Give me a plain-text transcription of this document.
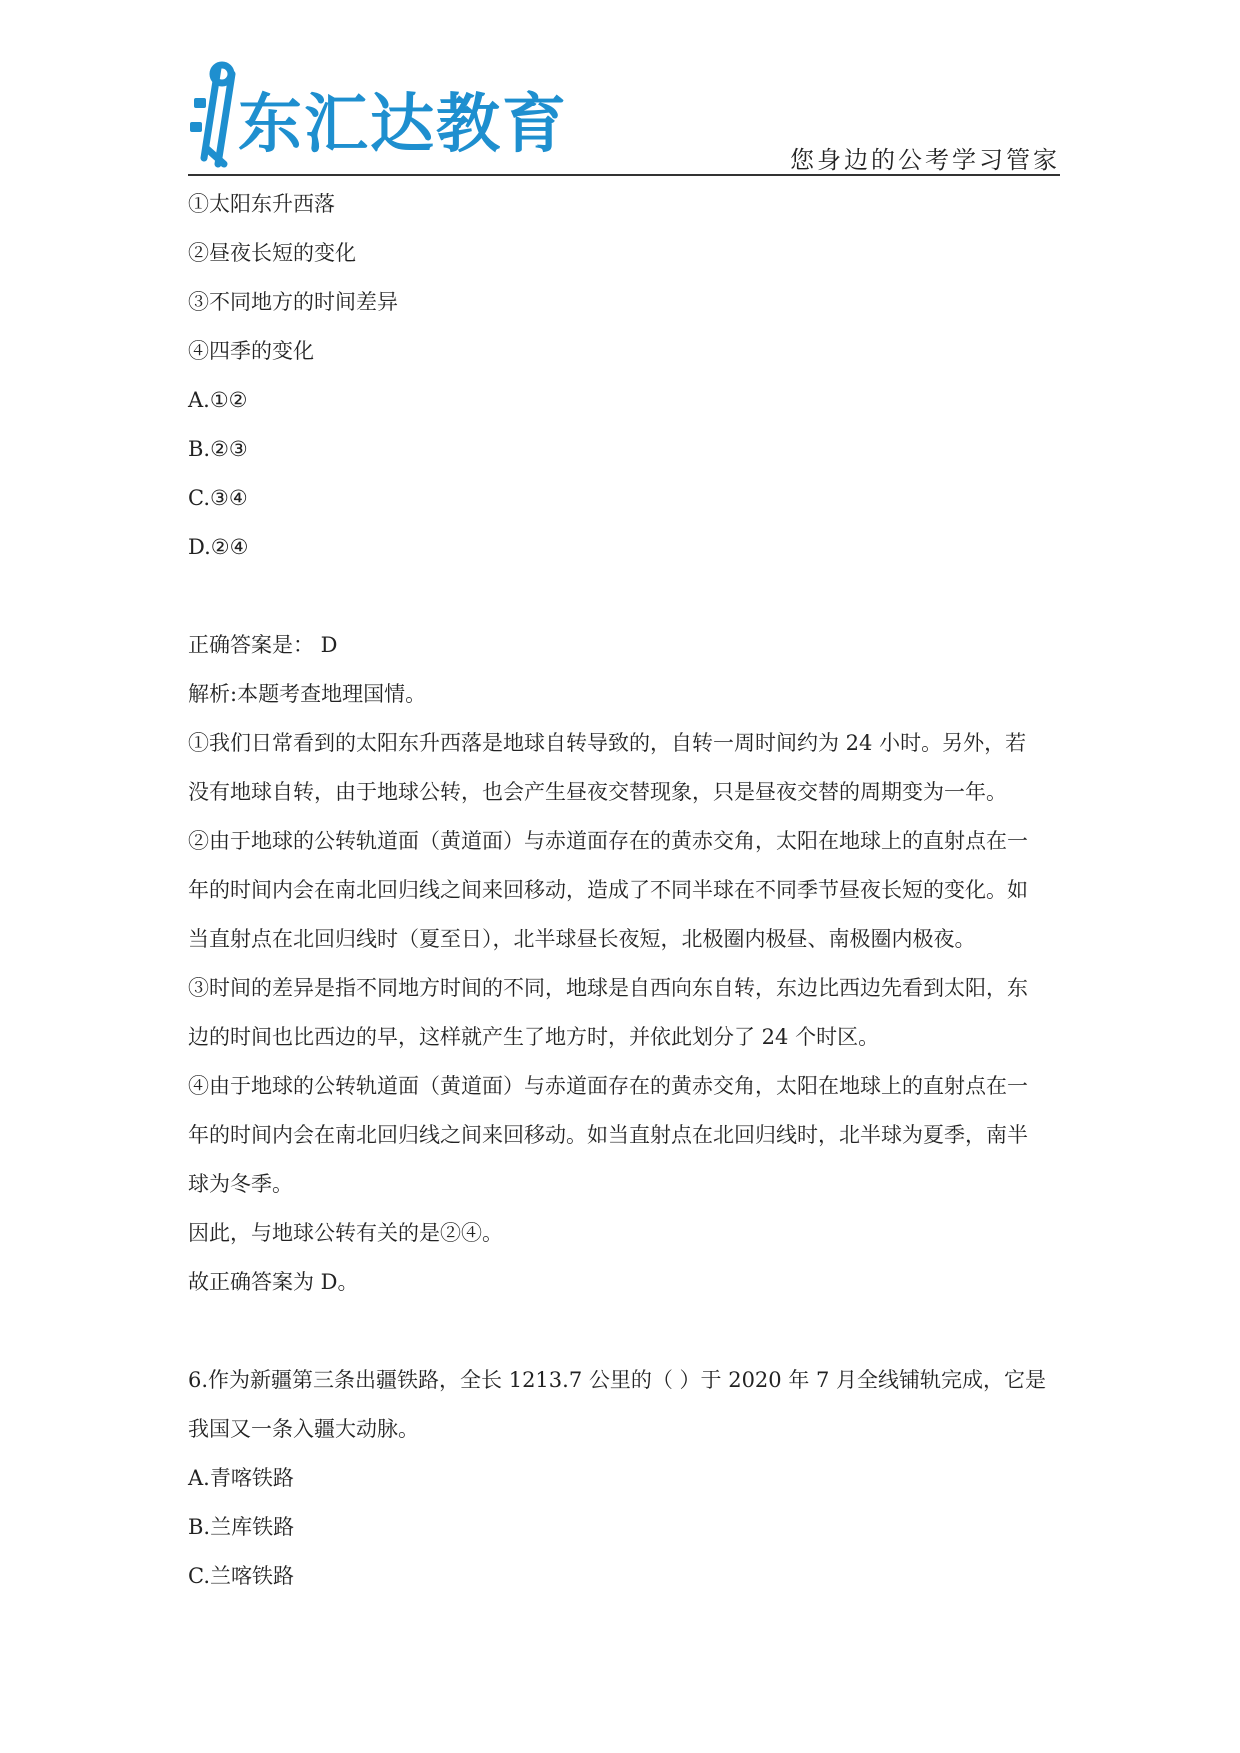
东汇达教育	您身边的公考学习管家
①太阳东升西落
②昼夜长短的变化
③不同地方的时间差异
④四季的变化
A.①②
B.②③
C.③④
D.②④
正确答案是： D
解析:本题考查地理国情。
①我们日常看到的太阳东升西落是地球自转导致的，自转一周时间约为 24 小时。另外，若
没有地球自转，由于地球公转，也会产生昼夜交替现象，只是昼夜交替的周期变为一年。
②由于地球的公转轨道面（黄道面）与赤道面存在的黄赤交角，太阳在地球上的直射点在一
年的时间内会在南北回归线之间来回移动，造成了不同半球在不同季节昼夜长短的变化。如
当直射点在北回归线时（夏至日），北半球昼长夜短，北极圈内极昼、南极圈内极夜。
③时间的差异是指不同地方时间的不同，地球是自西向东自转，东边比西边先看到太阳，东
边的时间也比西边的早，这样就产生了地方时，并依此划分了 24 个时区。
④由于地球的公转轨道面（黄道面）与赤道面存在的黄赤交角，太阳在地球上的直射点在一
年的时间内会在南北回归线之间来回移动。如当直射点在北回归线时，北半球为夏季，南半
球为冬季。
因此，与地球公转有关的是②④。
故正确答案为 D。
6.作为新疆第三条出疆铁路，全长 1213.7 公里的（ ）于 2020 年 7 月全线铺轨完成，它是
我国又一条入疆大动脉。
A.青喀铁路
B.兰库铁路
C.兰喀铁路
